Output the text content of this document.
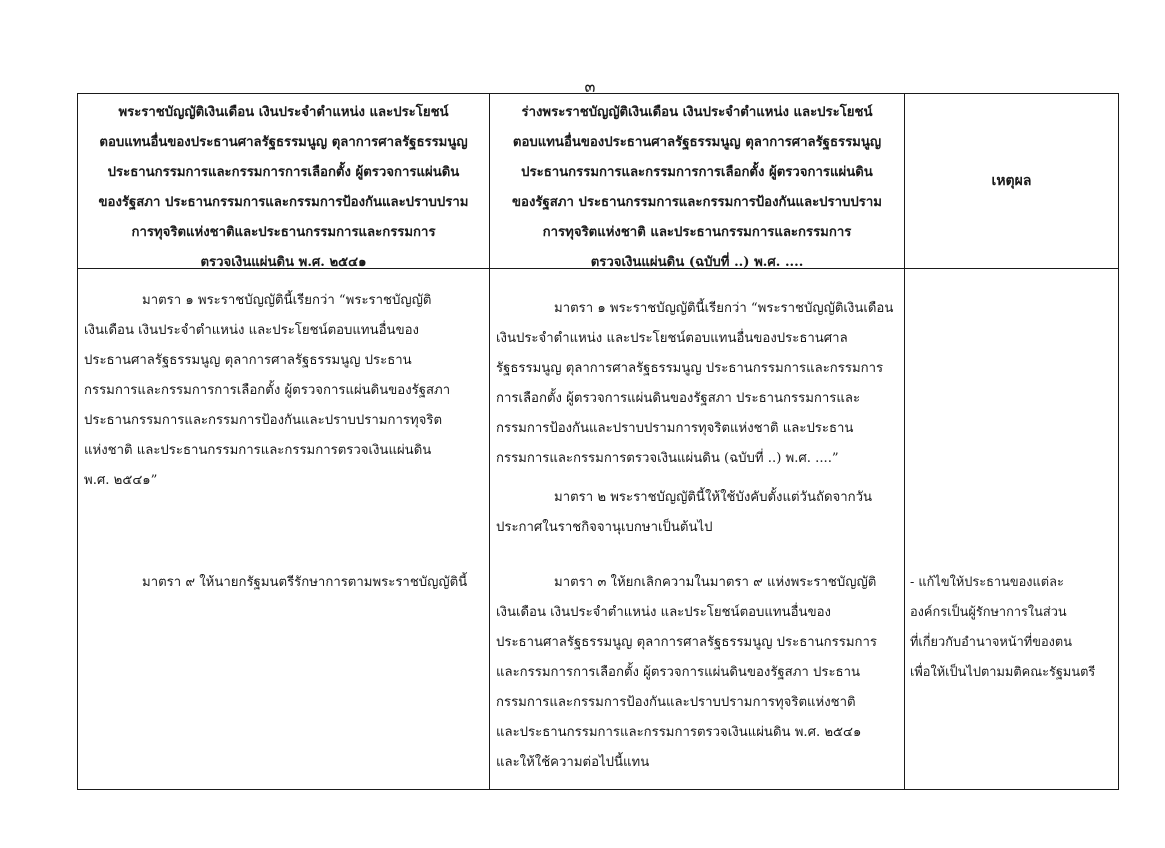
๓
พระราชบัญญัติเงินเดือน เงินประจำตำแหน่ง และประโยชน์
ตอบแทนอื่นของประธานศาลรัฐธรรมนูญ ตุลาการศาลรัฐธรรมนูญ
ประธานกรรมการและกรรมการการเลือกตั้ง ผู้ตรวจการแผ่นดิน
ของรัฐสภา ประธานกรรมการและกรรมการป้องกันและปราบปราม
การทุจริตแห่งชาติและประธานกรรมการและกรรมการ
ตรวจเงินแผ่นดิน พ.ศ. ๒๕๔๑
ร่างพระราชบัญญัติเงินเดือน เงินประจำตำแหน่ง และประโยชน์
ตอบแทนอื่นของประธานศาลรัฐธรรมนูญ ตุลาการศาลรัฐธรรมนูญ
ประธานกรรมการและกรรมการการเลือกตั้ง ผู้ตรวจการแผ่นดิน
ของรัฐสภา ประธานกรรมการและกรรมการป้องกันและปราบปราม
การทุจริตแห่งชาติ และประธานกรรมการและกรรมการ
ตรวจเงินแผ่นดิน (ฉบับที่ ..) พ.ศ. ....
เหตุผล
มาตรา ๑ พระราชบัญญัตินี้เรียกว่า “พระราชบัญญัติ
เงินเดือน เงินประจำตำแหน่ง และประโยชน์ตอบแทนอื่นของ
ประธานศาลรัฐธรรมนูญ ตุลาการศาลรัฐธรรมนูญ ประธาน
กรรมการและกรรมการการเลือกตั้ง ผู้ตรวจการแผ่นดินของรัฐสภา
ประธานกรรมการและกรรมการป้องกันและปราบปรามการทุจริต
แห่งชาติ และประธานกรรมการและกรรมการตรวจเงินแผ่นดิน
พ.ศ. ๒๕๔๑”
มาตรา ๙ ให้นายกรัฐมนตรีรักษาการตามพระราชบัญญัตินี้
มาตรา ๑ พระราชบัญญัตินี้เรียกว่า “พระราชบัญญัติเงินเดือน
เงินประจำตำแหน่ง และประโยชน์ตอบแทนอื่นของประธานศาล
รัฐธรรมนูญ ตุลาการศาลรัฐธรรมนูญ ประธานกรรมการและกรรมการ
การเลือกตั้ง ผู้ตรวจการแผ่นดินของรัฐสภา ประธานกรรมการและ
กรรมการป้องกันและปราบปรามการทุจริตแห่งชาติ และประธาน
กรรมการและกรรมการตรวจเงินแผ่นดิน (ฉบับที่ ..) พ.ศ. ....”
มาตรา ๒ พระราชบัญญัตินี้ให้ใช้บังคับตั้งแต่วันถัดจากวัน
ประกาศในราชกิจจานุเบกษาเป็นต้นไป
มาตรา ๓ ให้ยกเลิกความในมาตรา ๙ แห่งพระราชบัญญัติ
เงินเดือน เงินประจำตำแหน่ง และประโยชน์ตอบแทนอื่นของ
ประธานศาลรัฐธรรมนูญ ตุลาการศาลรัฐธรรมนูญ ประธานกรรมการ
และกรรมการการเลือกตั้ง ผู้ตรวจการแผ่นดินของรัฐสภา ประธาน
กรรมการและกรรมการป้องกันและปราบปรามการทุจริตแห่งชาติ
และประธานกรรมการและกรรมการตรวจเงินแผ่นดิน พ.ศ. ๒๕๔๑
และให้ใช้ความต่อไปนี้แทน
- แก้ไขให้ประธานของแต่ละ
องค์กรเป็นผู้รักษาการในส่วน
ที่เกี่ยวกับอำนาจหน้าที่ของตน
เพื่อให้เป็นไปตามมติคณะรัฐมนตรี
